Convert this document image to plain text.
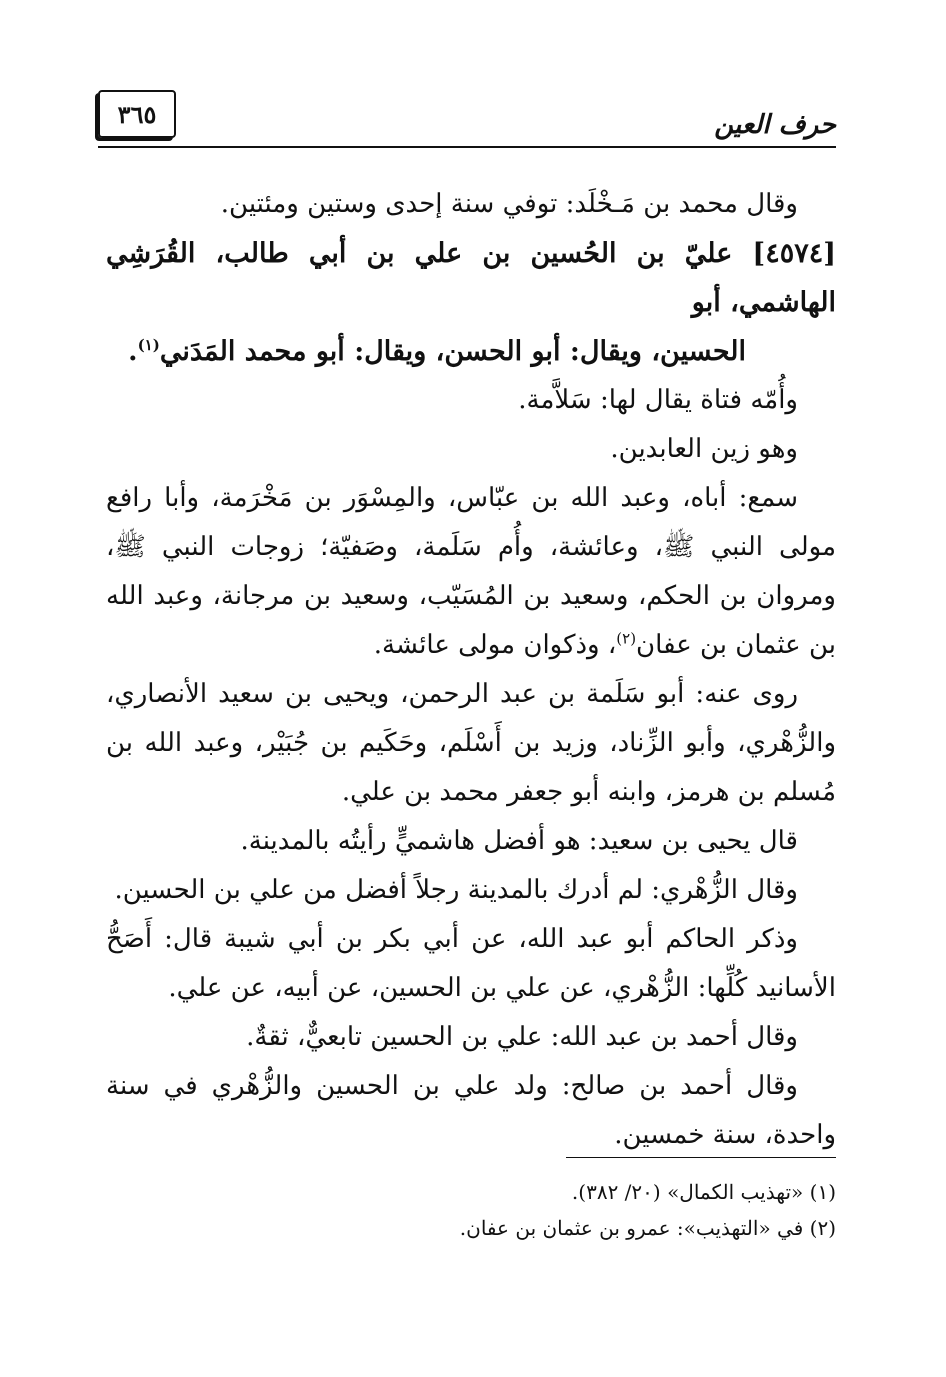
حرف العين
٣٦٥

وقال محمد بن مَـخْلَد: توفي سنة إحدى وستين ومئتين.

[٤٥٧٤] عليّ بن الحُسين بن علي بن أبي طالب، القُرَشِي الهاشمي، أبو

الحسين، ويقال: أبو الحسن، ويقال: أبو محمد المَدَني$^{(١)}$.

وأُمّه فتاة يقال لها: سَلاَّمة.

وهو زين العابدين.

سمع: أباه، وعبد الله بن عبّاس، والمِسْوَر بن مَخْرَمة، وأبا رافع مولى النبي ﷺ، وعائشة، وأُم سَلَمة، وصَفيّة؛ زوجات النبي ﷺ، ومروان بن الحكم، وسعيد بن المُسَيّب، وسعيد بن مرجانة، وعبد الله بن عثمان بن عفان$^{(٢)}$، وذكوان مولى عائشة.

روى عنه: أبو سَلَمة بن عبد الرحمن، ويحيى بن سعيد الأنصاري، والزُّهْري، وأبو الزِّناد، وزيد بن أَسْلَم، وحَكَيم بن جُبَيْر، وعبد الله بن مُسلم بن هرمز، وابنه أبو جعفر محمد بن علي.

قال يحيى بن سعيد: هو أفضل هاشميٍّ رأيتُه بالمدينة.

وقال الزُّهْري: لم أدرك بالمدينة رجلاً أفضل من علي بن الحسين.

وذكر الحاكم أبو عبد الله، عن أبي بكر بن أبي شيبة قال: أَصَحُّ الأسانيد كُلِّها: الزُّهْري، عن علي بن الحسين، عن أبيه، عن علي.

وقال أحمد بن عبد الله: علي بن الحسين تابعيٌّ، ثقةٌ.

وقال أحمد بن صالح: ولد علي بن الحسين والزُّهْري في سنة واحدة، سنة خمسين.

(١) «تهذيب الكمال» (٢٠/ ٣٨٢).

(٢) في «التهذيب»: عمرو بن عثمان بن عفان.
